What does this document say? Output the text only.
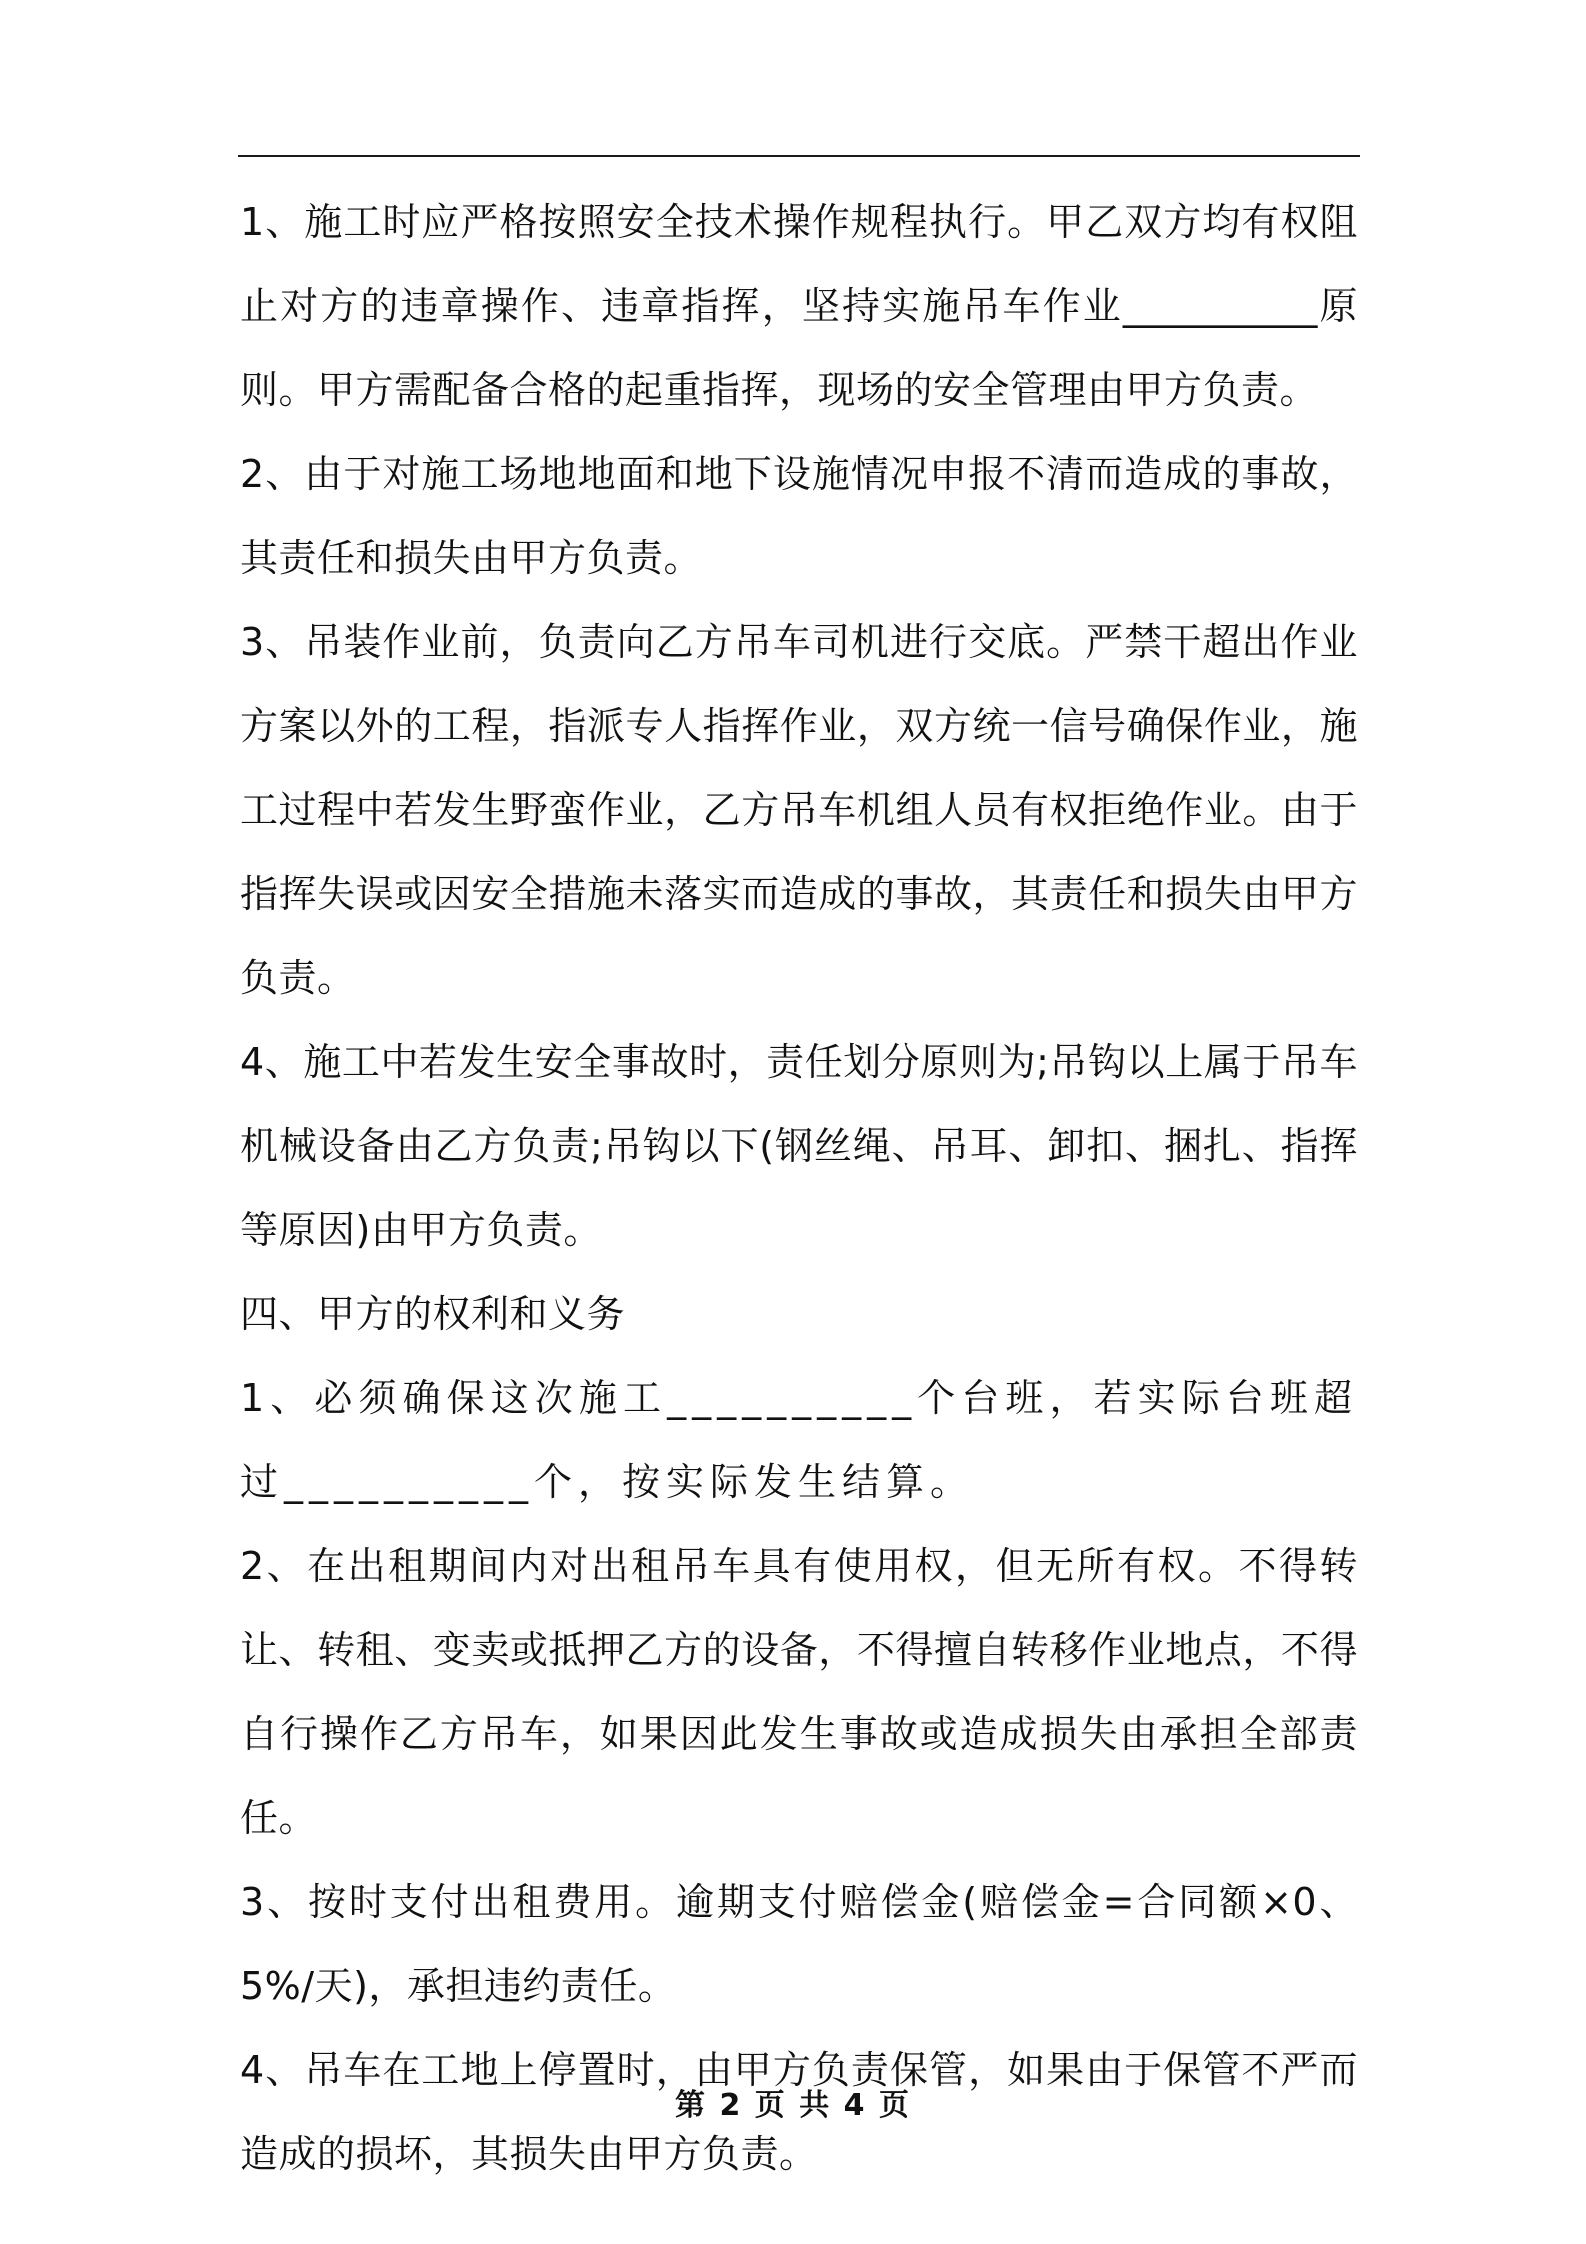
1、施工时应严格按照安全技术操作规程执行。甲乙双方均有权阻止对方的违章操作、违章指挥，坚持实施吊车作业__________原则。甲方需配备合格的起重指挥，现场的安全管理由甲方负责。

2、由于对施工场地地面和地下设施情况申报不清而造成的事故，其责任和损失由甲方负责。

3、吊装作业前，负责向乙方吊车司机进行交底。严禁干超出作业方案以外的工程，指派专人指挥作业，双方统一信号确保作业，施工过程中若发生野蛮作业，乙方吊车机组人员有权拒绝作业。由于指挥失误或因安全措施未落实而造成的事故，其责任和损失由甲方负责。

4、施工中若发生安全事故时，责任划分原则为;吊钩以上属于吊车机械设备由乙方负责;吊钩以下(钢丝绳、吊耳、卸扣、捆扎、指挥等原因)由甲方负责。

四、甲方的权利和义务

1、必须确保这次施工__________个台班，若实际台班超过__________个，按实际发生结算。

2、在出租期间内对出租吊车具有使用权，但无所有权。不得转让、转租、变卖或抵押乙方的设备，不得擅自转移作业地点，不得自行操作乙方吊车，如果因此发生事故或造成损失由承担全部责任。

3、按时支付出租费用。逾期支付赔偿金(赔偿金=合同额×0、5%/天)，承担违约责任。

4、吊车在工地上停置时，由甲方负责保管，如果由于保管不严而造成的损坏，其损失由甲方负责。

第 2 页 共 4 页
